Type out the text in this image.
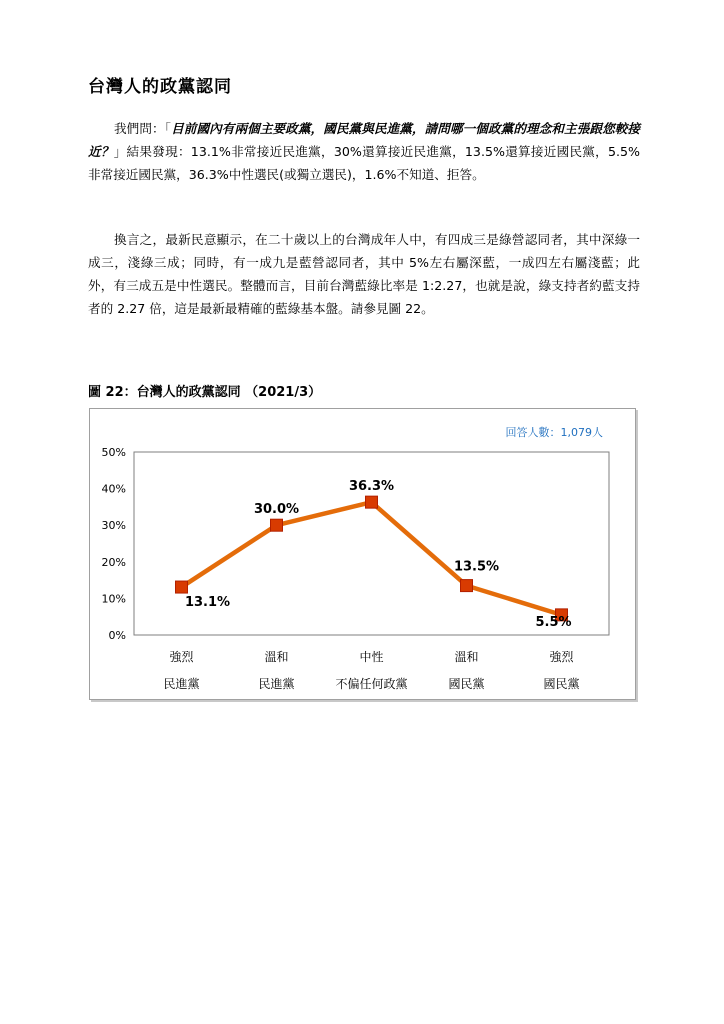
台灣人的政黨認同
我們問：「目前國內有兩個主要政黨，國民黨與民進黨，請問哪一個政黨的理念和主張跟您較接近？」結果發現：13.1%非常接近民進黨，30%還算接近民進黨，13.5%還算接近國民黨，5.5%非常接近國民黨，36.3%中性選民(或獨立選民)，1.6%不知道、拒答。
換言之，最新民意顯示，在二十歲以上的台灣成年人中，有四成三是綠營認同者，其中深綠一成三，淺綠三成；同時，有一成九是藍營認同者，其中 5%左右屬深藍，一成四左右屬淺藍；此外，有三成五是中性選民。整體而言，目前台灣藍綠比率是 1:2.27，也就是說，綠支持者約藍支持者的 2.27 倍，這是最新最精確的藍綠基本盤。請參見圖 22。
圖 22：台灣人的政黨認同 （2021/3）
0%
10%
20%
30%
40%
50%
回答人數：1,079人
13.1%
30.0%
36.3%
13.5%
5.5%
強烈
民進黨
溫和
民進黨
中性
不偏任何政黨
溫和
國民黨
強烈
國民黨
